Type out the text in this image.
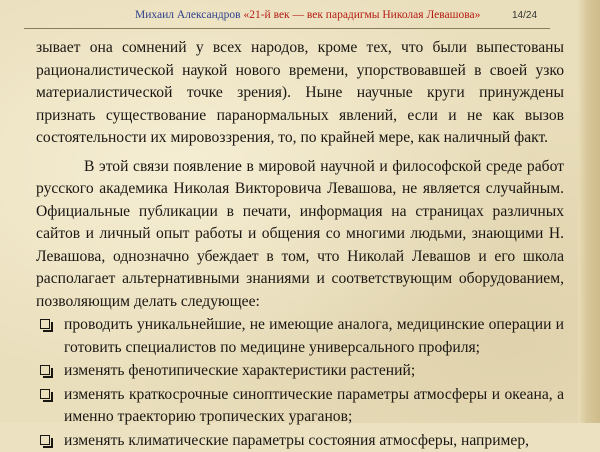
Михаил Александров «21-й век — век парадигмы Николая Левашова»	14/24

зывает она сомнений у всех народов, кроме тех, что были выпестованы рационалистической наукой нового времени, упорствовавшей в своей узко материалистической точке зрения). Ныне научные круги принуждены признать существование паранормальных явлений, если и не как вызов состоятельности их мировоззрения, то, по крайней мере, как наличный факт.

В этой связи появление в мировой научной и философской среде работ русского академика Николая Викторовича Левашова, не является случайным. Официальные публикации в печати, информация на страницах различных сайтов и личный опыт работы и общения со многими людьми, знающими Н. Левашова, однозначно убеждает в том, что Николай Левашов и его школа располагает альтернативными знаниями и соответствующим оборудованием, позволяющим делать следующее:

проводить уникальнейшие, не имеющие аналога, медицинские операции и готовить специалистов по медицине универсального профиля;
изменять фенотипические характеристики растений;
изменять краткосрочные синоптические параметры атмосферы и океана, а именно траекторию тропических ураганов;
изменять климатические параметры состояния атмосферы, например,
